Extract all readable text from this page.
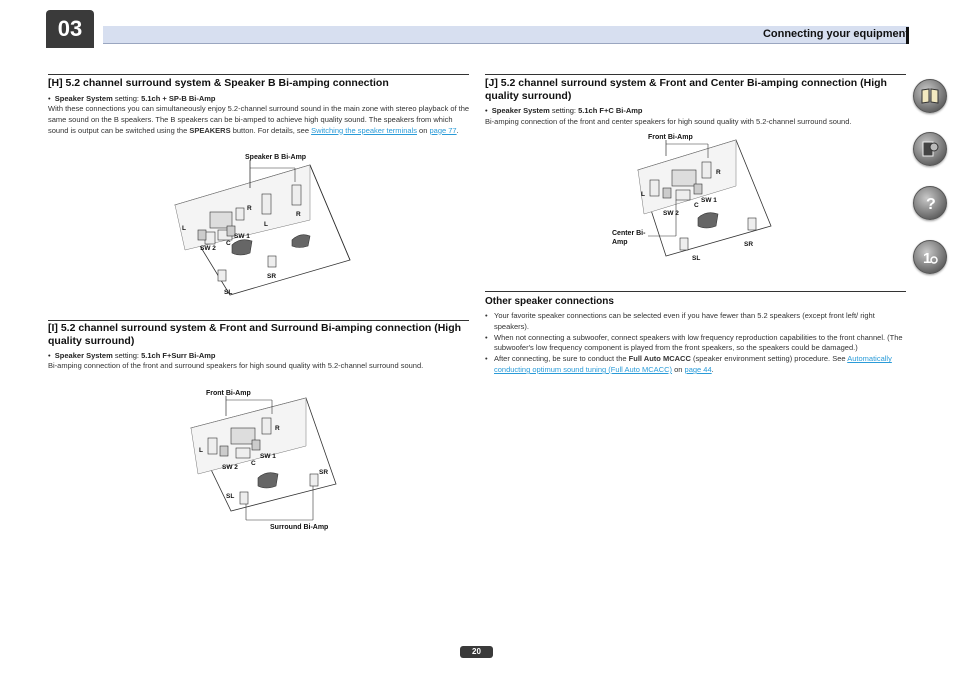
03	Connecting your equipment
[H] 5.2 channel surround system & Speaker B Bi-amping connection
•  Speaker System setting: 5.1ch + SP-B Bi-Amp
With these connections you can simultaneously enjoy 5.2-channel surround sound in the main zone with stereo playback of the same sound on the B speakers. The B speakers can be bi-amped to achieve high quality sound. The speakers from which sound is output can be switched using the SPEAKERS button. For details, see Switching the speaker terminals on page 77.
Speaker B Bi-Amp
L
R
C
SW 2
SW 1
L
R
SR
SL
[I] 5.2 channel surround system & Front and Surround Bi-amping connection (High quality surround)
•  Speaker System setting: 5.1ch F+Surr Bi-Amp
Bi-amping connection of the front and surround speakers for high sound quality with 5.2-channel surround sound.
Front Bi-Amp
Surround Bi-Amp
L
R
C
SW 2
SW 1
SR
SL
[J] 5.2 channel surround system & Front and Center Bi-amping connection (High quality surround)
•  Speaker System setting: 5.1ch F+C Bi-Amp
Bi-amping connection of the front and center speakers for high sound quality with 5.2-channel surround sound.
Front Bi-Amp
Center Bi-Amp
L
R
C
SW 2
SW 1
SR
SL
Other speaker connections
• Your favorite speaker connections can be selected even if you have fewer than 5.2 speakers (except front left/ right speakers).
• When not connecting a subwoofer, connect speakers with low frequency reproduction capabilities to the front channel. (The subwoofer's low frequency component is played from the front speakers, so the speakers could be damaged.)
• After connecting, be sure to conduct the Full Auto MCACC (speaker environment setting) procedure. See Automatically conducting optimum sound tuning (Full Auto MCACC) on page 44.
?
1
20
